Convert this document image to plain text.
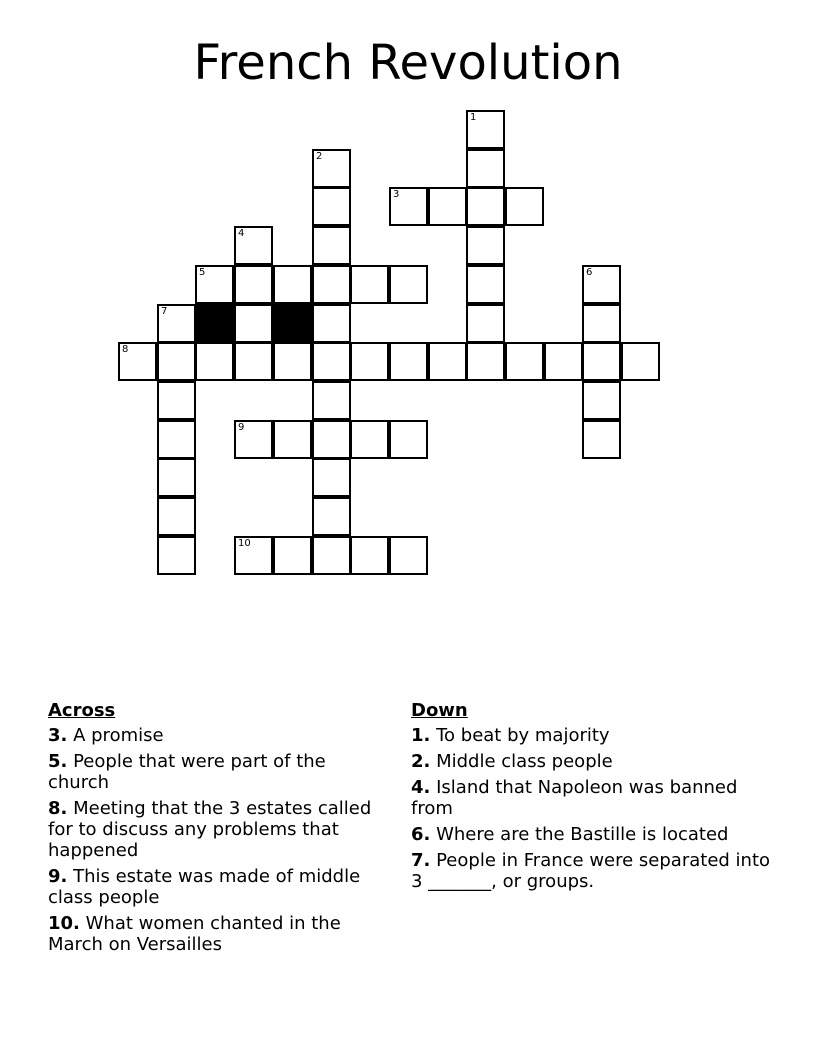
French Revolution
1
2
3
4
5	6
7
8
9
10
Across
3. A promise
5. People that were part of the church
8. Meeting that the 3 estates called for to discuss any problems that happened
9. This estate was made of middle class people
10. What women chanted in the March on Versailles
Down
1. To beat by majority
2. Middle class people
4. Island that Napoleon was banned from
6. Where are the Bastille is located
7. People in France were separated into 3 _______, or groups.
